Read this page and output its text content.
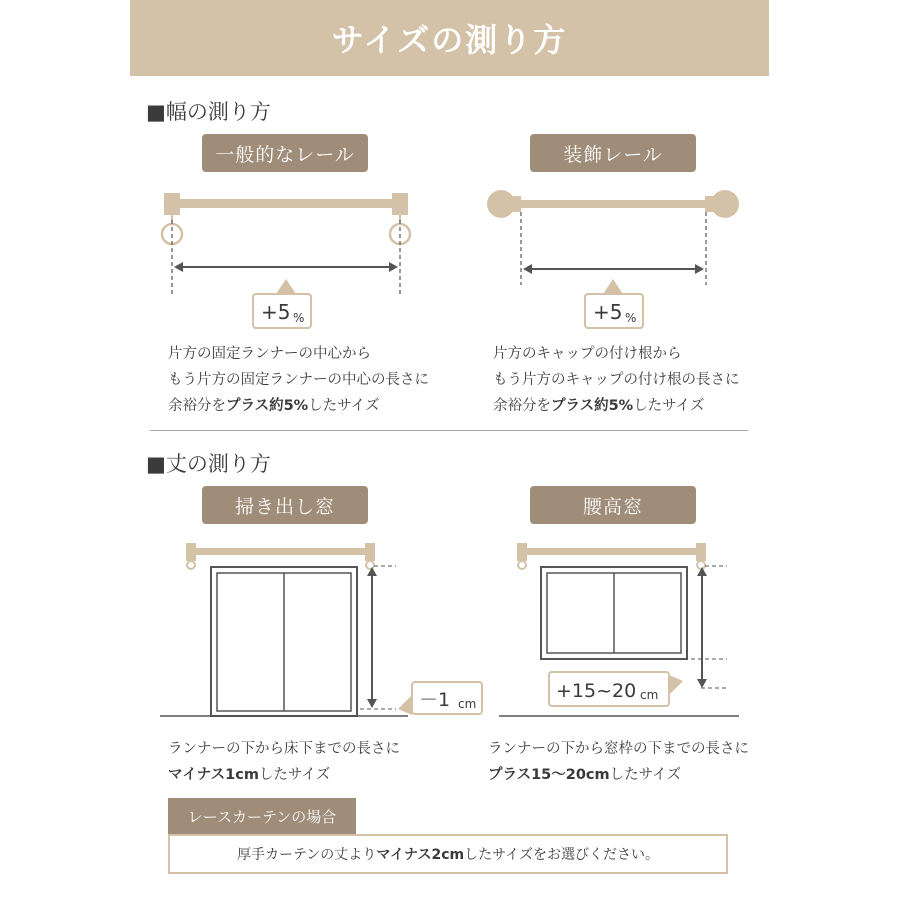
サイズの測り方
■幅の測り方
一般的なレール	装飾レール
+5 %	+5 %
片方の固定ランナーの中心から
もう片方の固定ランナーの中心の長さに
余裕分をプラス約5%したサイズ
片方のキャップの付け根から
もう片方のキャップの付け根の長さに
余裕分をプラス約5%したサイズ
■丈の測り方
掃き出し窓	腰高窓
－1 cm
+15~20 cm
ランナーの下から床下までの長さに
マイナス1cmしたサイズ
ランナーの下から窓枠の下までの長さに
プラス15～20cmしたサイズ
レースカーテンの場合
厚手カーテンの丈より マイナス2cm したサイズをお選びください。
